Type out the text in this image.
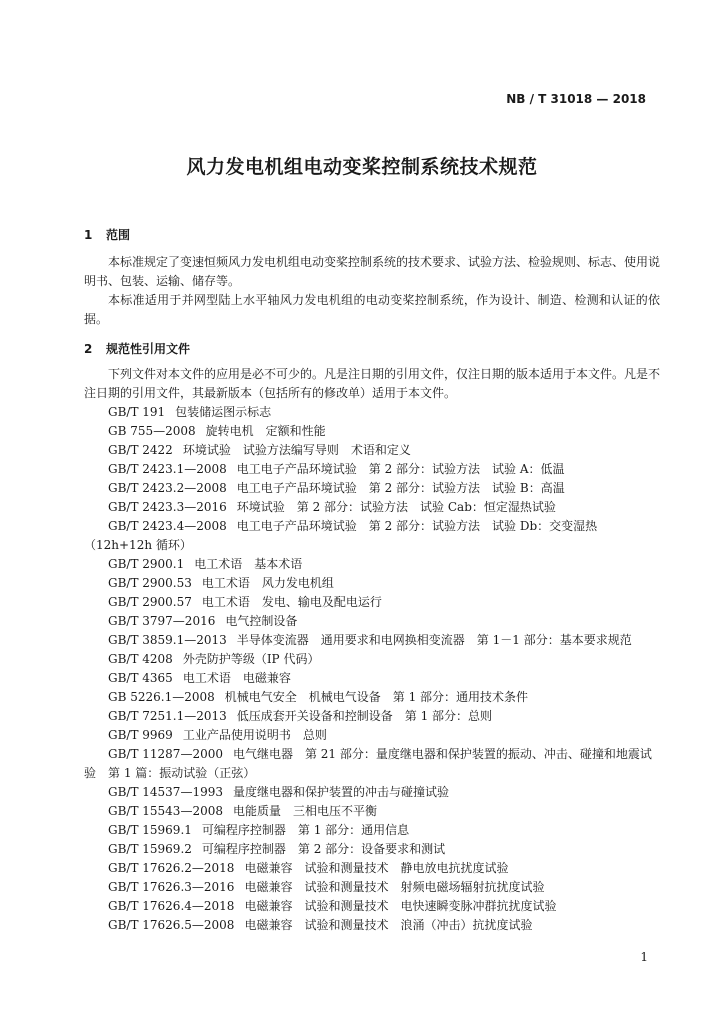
NB / T 31018 — 2018
风力发电机组电动变桨控制系统技术规范

1 范围

本标准规定了变速恒频风力发电机组电动变桨控制系统的技术要求、试验方法、检验规则、标志、使用说明书、包装、运输、储存等。

本标准适用于并网型陆上水平轴风力发电机组的电动变桨控制系统，作为设计、制造、检测和认证的依据。

2 规范性引用文件

下列文件对本文件的应用是必不可少的。凡是注日期的引用文件，仅注日期的版本适用于本文件。凡是不注日期的引用文件，其最新版本（包括所有的修改单）适用于本文件。

GB/T 191 包装储运图示标志

GB 755—2008 旋转电机　定额和性能

GB/T 2422 环境试验　试验方法编写导则　术语和定义

GB/T 2423.1—2008 电工电子产品环境试验　第 2 部分：试验方法　试验 A：低温

GB/T 2423.2—2008 电工电子产品环境试验　第 2 部分：试验方法　试验 B：高温

GB/T 2423.3—2016 环境试验　第 2 部分：试验方法　试验 Cab：恒定湿热试验

GB/T 2423.4—2008 电工电子产品环境试验　第 2 部分：试验方法　试验 Db：交变湿热（12h+12h 循环）

GB/T 2900.1 电工术语　基本术语

GB/T 2900.53 电工术语　风力发电机组

GB/T 2900.57 电工术语　发电、输电及配电运行

GB/T 3797—2016 电气控制设备

GB/T 3859.1—2013 半导体变流器　通用要求和电网换相变流器　第 1－1 部分：基本要求规范

GB/T 4208 外壳防护等级（IP 代码）

GB/T 4365 电工术语　电磁兼容

GB 5226.1—2008 机械电气安全　机械电气设备　第 1 部分：通用技术条件

GB/T 7251.1—2013 低压成套开关设备和控制设备　第 1 部分：总则

GB/T 9969 工业产品使用说明书　总则

GB/T 11287—2000 电气继电器　第 21 部分：量度继电器和保护装置的振动、冲击、碰撞和地震试验　第 1 篇：振动试验（正弦）

GB/T 14537—1993 量度继电器和保护装置的冲击与碰撞试验

GB/T 15543—2008 电能质量　三相电压不平衡

GB/T 15969.1 可编程序控制器　第 1 部分：通用信息

GB/T 15969.2 可编程序控制器　第 2 部分：设备要求和测试

GB/T 17626.2—2018 电磁兼容　试验和测量技术　静电放电抗扰度试验

GB/T 17626.3—2016 电磁兼容　试验和测量技术　射频电磁场辐射抗扰度试验

GB/T 17626.4—2018 电磁兼容　试验和测量技术　电快速瞬变脉冲群抗扰度试验

GB/T 17626.5—2008 电磁兼容　试验和测量技术　浪涌（冲击）抗扰度试验

1
